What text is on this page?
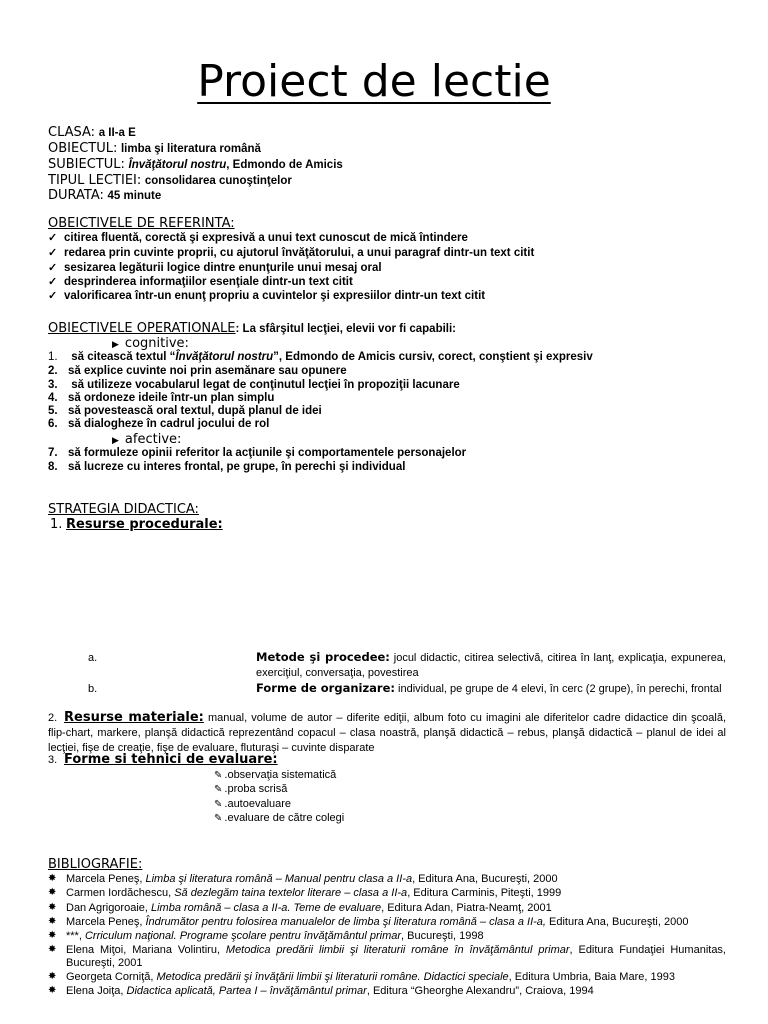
Proiect de lectie
CLASA: a II-a E
OBIECTUL: limba şi literatura română
SUBIECTUL: Învăţătorul nostru, Edmondo de Amicis
TIPUL LECTIEI: consolidarea cunoştinţelor
DURATA: 45 minute
OBEICTIVELE DE REFERINTA:
✓ citirea fluentă, corectă şi expresivă a unui text cunoscut de mică întindere
✓ redarea prin cuvinte proprii, cu ajutorul învăţătorului, a unui paragraf dintr-un text citit
✓ sesizarea legăturii logice dintre enunţurile unui mesaj oral
✓ desprinderea informaţiilor esenţiale dintr-un text citit
✓ valorificarea într-un enunţ propriu a cuvintelor şi expresiilor dintr-un text citit
OBIECTIVELE OPERATIONALE: La sfârşitul lecţiei, elevii vor fi capabili:
▶ cognitive:
1. să citească textul “Învăţătorul nostru”, Edmondo de Amicis cursiv, corect, conştient şi expresiv
2. să explice cuvinte noi prin asemănare sau opunere
3. să utilizeze vocabularul legat de conţinutul lecţiei în propoziţii lacunare
4. să ordoneze ideile într-un plan simplu
5. să povestească oral textul, după planul de idei
6. să dialogheze în cadrul jocului de rol
▶ afective:
7. să formuleze opinii referitor la acţiunile şi comportamentele personajelor
8. să lucreze cu interes frontal, pe grupe, în perechi şi individual
STRATEGIA DIDACTICA:
1. Resurse procedurale:
a.	Metode şi procedee: jocul didactic, citirea selectivă, citirea în lanţ, explicaţia, expunerea, exerciţiul, conversaţia, povestirea
b.	Forme de organizare: individual, pe grupe de 4 elevi, în cerc (2 grupe), în perechi, frontal
2. Resurse materiale: manual, volume de autor – diferite ediţii, album foto cu imagini ale diferitelor cadre didactice din şcoală, flip-chart, markere, planşă didactică reprezentând copacul – clasa noastră, planşă didactică – rebus, planşă didactică – planul de idei al lecţiei, fişe de creaţie, fişe de evaluare, fluturaşi – cuvinte disparate
3. Forme si tehnici de evaluare:
✎ .observaţia sistematică
✎ .proba scrisă
✎ .autoevaluare
✎ .evaluare de către colegi
BIBLIOGRAFIE:
✸ Marcela Peneş, Limba şi literatura română – Manual pentru clasa a II-a, Editura Ana, Bucureşti, 2000
✸ Carmen Iordăchescu, Să dezlegăm taina textelor literare – clasa a II-a, Editura Carminis, Piteşti, 1999
✸ Dan Agrigoroaie, Limba română – clasa a II-a. Teme de evaluare, Editura Adan, Piatra-Neamţ, 2001
✸ Marcela Peneş, Îndrumător pentru folosirea manualelor de limba şi literatura română – clasa a II-a, Editura Ana, Bucureşti, 2000
✸ ***, Crriculum naţional. Programe şcolare pentru învăţământul primar, Bucureşti, 1998
✸ Elena Miţoi, Mariana Volintiru, Metodica predării limbii şi literaturii române în învăţământul primar, Editura Fundaţiei Humanitas, Bucureşti, 2001
✸ Georgeta Corniţă, Metodica predării şi învăţării limbii şi literaturii române. Didactici speciale, Editura Umbria, Baia Mare, 1993
✸ Elena Joiţa, Didactica aplicată, Partea I – învăţământul primar, Editura “Gheorghe Alexandru”, Craiova, 1994
